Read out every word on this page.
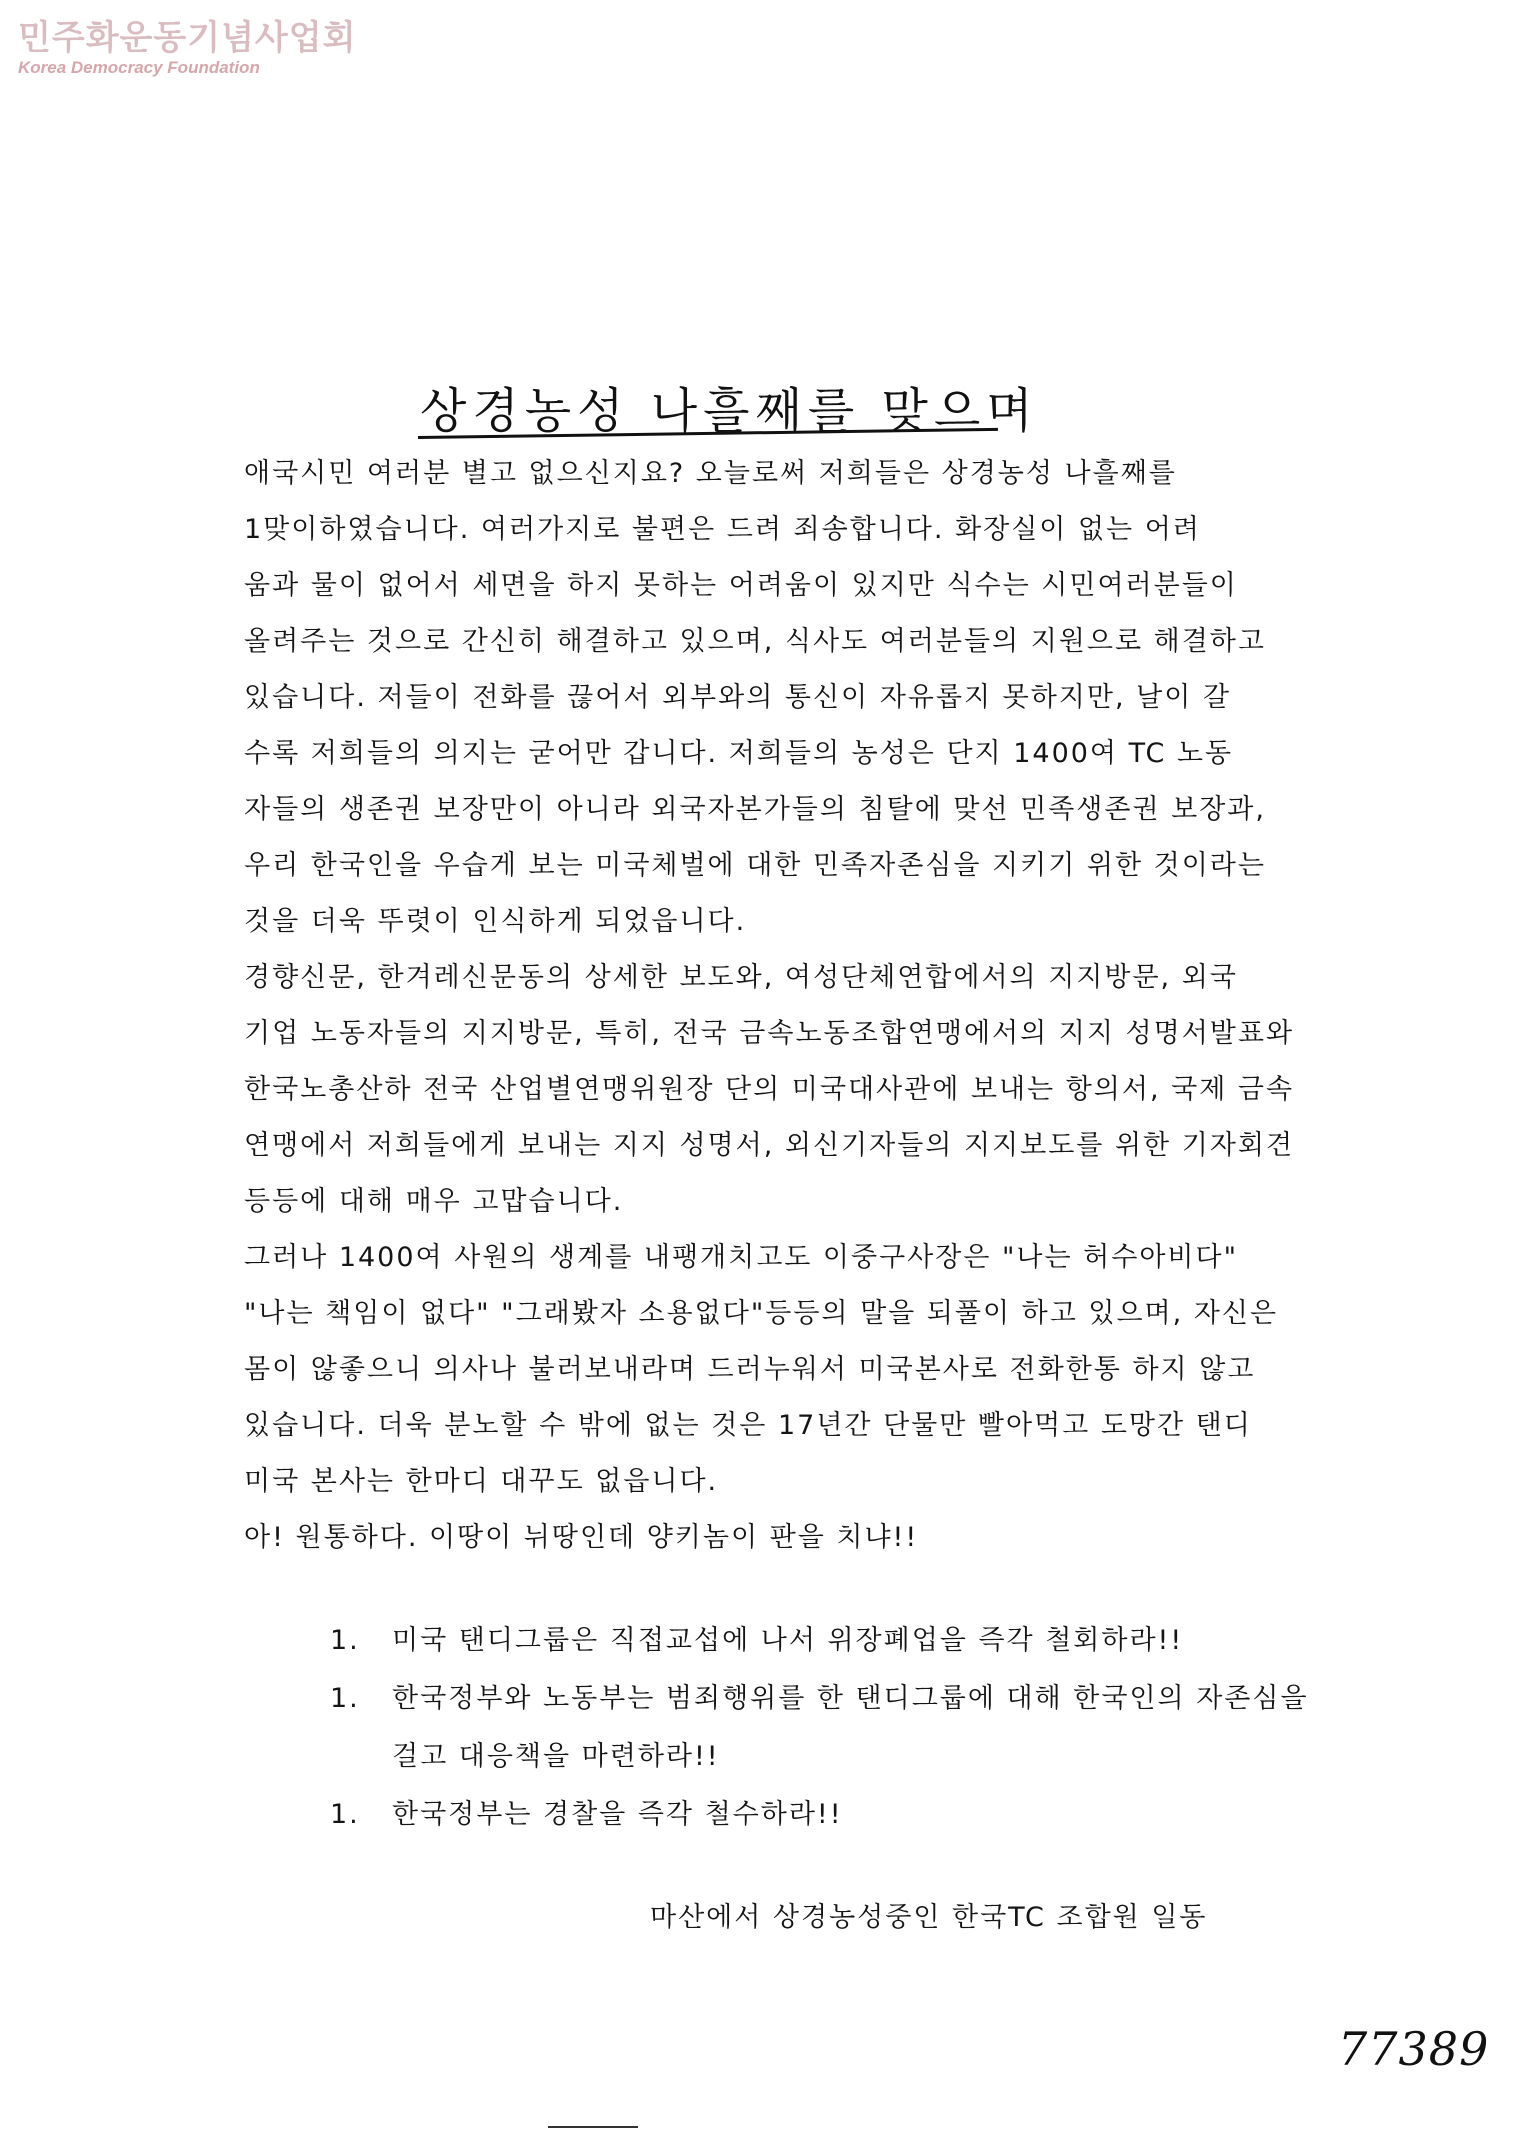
민주화운동기념사업회
Korea Democracy Foundation
상경농성 나흘째를 맞으며
애국시민 여러분 별고 없으신지요? 오늘로써 저희들은 상경농성 나흘째를
1맞이하였습니다. 여러가지로 불편은 드려 죄송합니다. 화장실이 없는 어려
움과 물이 없어서 세면을 하지 못하는 어려움이 있지만 식수는 시민여러분들이
올려주는 것으로 간신히 해결하고 있으며, 식사도 여러분들의 지원으로 해결하고
있습니다. 저들이 전화를 끊어서 외부와의 통신이 자유롭지 못하지만, 날이 갈
수록 저희들의 의지는 굳어만 갑니다. 저희들의 농성은 단지 1400여 TC 노동
자들의 생존권 보장만이 아니라 외국자본가들의 침탈에 맞선 민족생존권 보장과,
우리 한국인을 우습게 보는 미국체벌에 대한 민족자존심을 지키기 위한 것이라는
것을 더욱 뚜렷이 인식하게 되었읍니다.
경향신문, 한겨레신문동의 상세한 보도와, 여성단체연합에서의 지지방문, 외국
기업 노동자들의 지지방문, 특히, 전국 금속노동조합연맹에서의 지지 성명서발표와
한국노총산하 전국 산업별연맹위원장 단의 미국대사관에 보내는 항의서, 국제 금속
연맹에서 저희들에게 보내는 지지 성명서, 외신기자들의 지지보도를 위한 기자회견
등등에 대해 매우 고맙습니다.
그러나 1400여 사원의 생계를 내팽개치고도 이중구사장은 "나는 허수아비다"
"나는 책임이 없다" "그래봤자 소용없다"등등의 말을 되풀이 하고 있으며, 자신은
몸이 않좋으니 의사나 불러보내라며 드러누워서 미국본사로 전화한통 하지 않고
있습니다. 더욱 분노할 수 밖에 없는 것은 17년간 단물만 빨아먹고 도망간 탠디
미국 본사는 한마디 대꾸도 없읍니다.
아! 원통하다. 이땅이 뉘땅인데 양키놈이 판을 치냐!!
1.	미국 탠디그룹은 직접교섭에 나서 위장폐업을 즉각 철회하라!!
1.	한국정부와 노동부는 범죄행위를 한 탠디그룹에 대해 한국인의 자존심을
걸고 대응책을 마련하라!!
1.	한국정부는 경찰을 즉각 철수하라!!
마산에서 상경농성중인 한국TC 조합원 일동
77389
